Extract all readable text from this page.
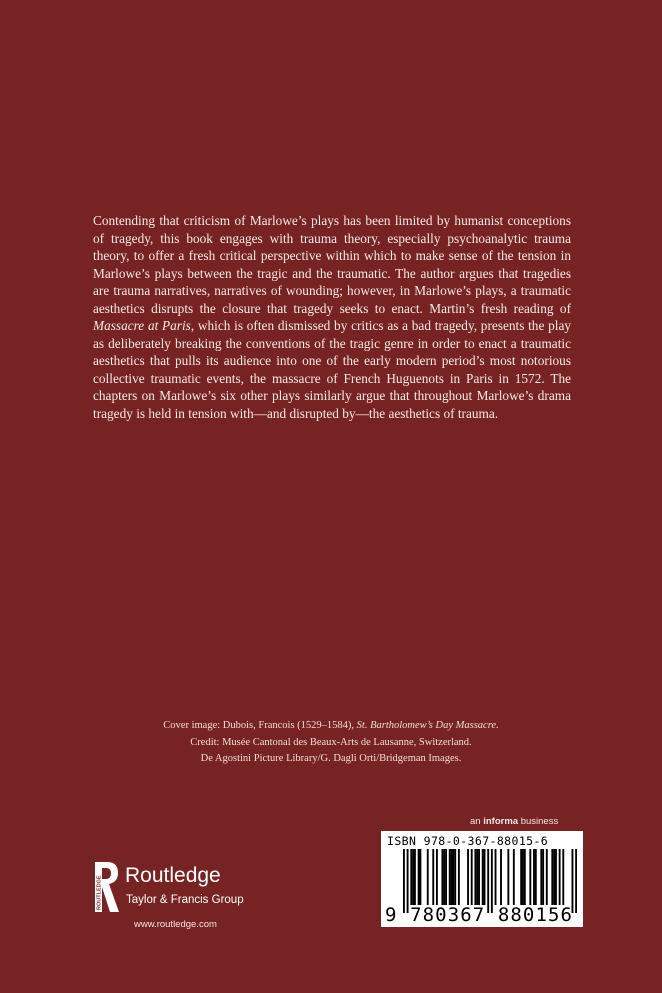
Contending that criticism of Marlowe’s plays has been limited by humanist conceptions of tragedy, this book engages with trauma theory, especially psychoanalytic trauma theory, to offer a fresh critical perspective within which to make sense of the tension in Marlowe’s plays between the tragic and the traumatic. The author argues that tragedies are trauma narratives, narratives of wounding; however, in Marlowe’s plays, a traumatic aesthetics disrupts the closure that tragedy seeks to enact. Martin’s fresh reading of Massacre at Paris, which is often dismissed by critics as a bad tragedy, presents the play as deliberately breaking the conventions of the tragic genre in order to enact a traumatic aesthetics that pulls its audience into one of the early modern period’s most notorious collective traumatic events, the massacre of French Huguenots in Paris in 1572. The chapters on Marlowe’s six other plays similarly argue that throughout Marlowe’s drama tragedy is held in tension with—and disrupted by—the aesthetics of trauma.
Cover image: Dubois, Francois (1529–1584), St. Bartholomew’s Day Massacre.
Credit: Musée Cantonal des Beaux-Arts de Lausanne, Switzerland.
De Agostini Picture Library/G. Dagli Orti/Bridgeman Images.
an informa business
ISBN 978-0-367-88015-6
9 780367 880156
ROUTLEDGE Routledge
Taylor & Francis Group
www.routledge.com
